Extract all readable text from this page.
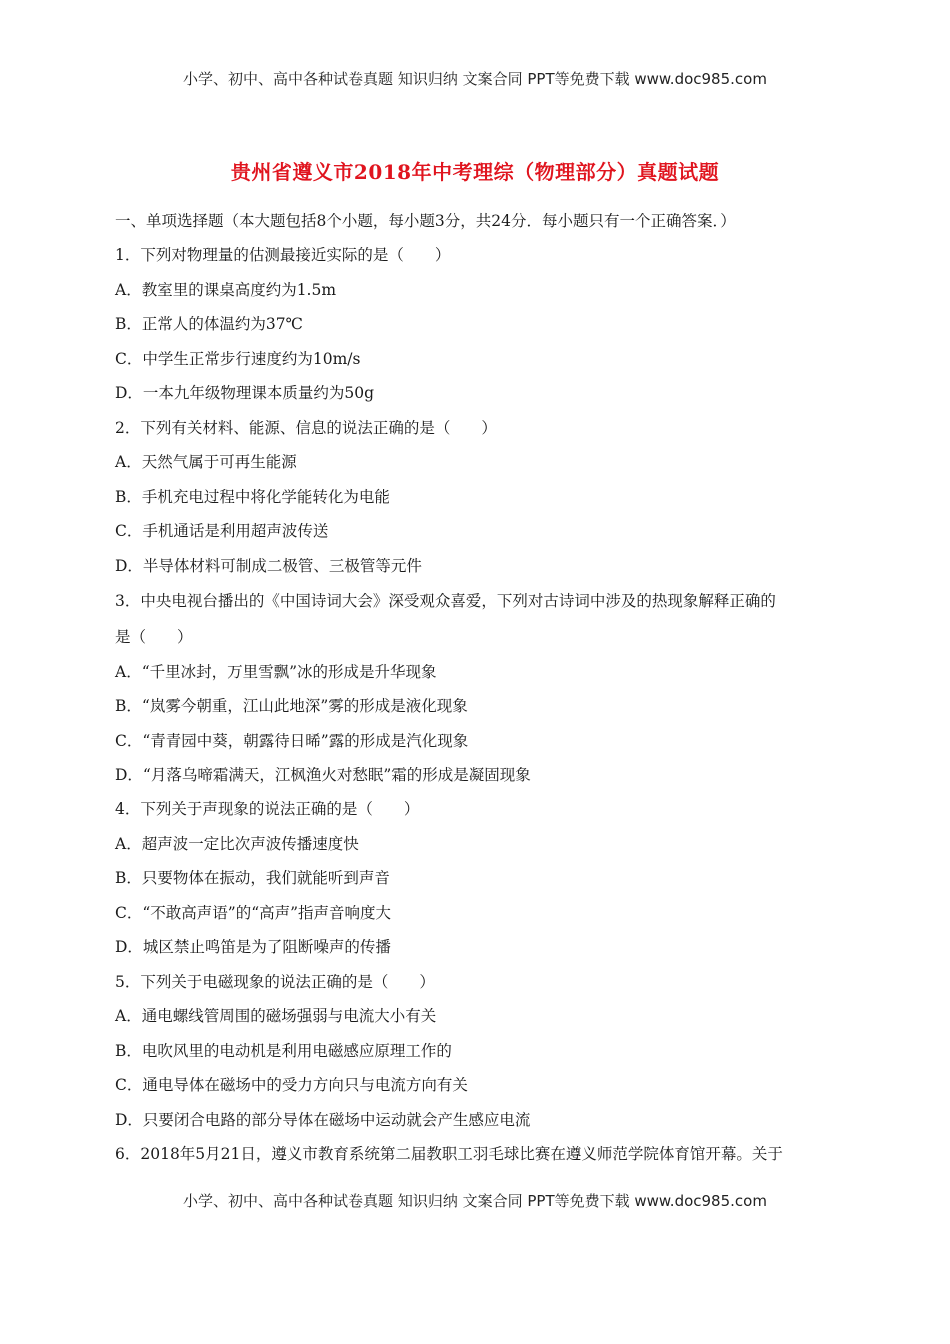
小学、初中、高中各种试卷真题 知识归纳 文案合同 PPT等免费下载 www.doc985.com
贵州省遵义市2018年中考理综（物理部分）真题试题
一、单项选择题（本大题包括8个小题，每小题3分，共24分．每小题只有一个正确答案．）
1．下列对物理量的估测最接近实际的是（　　）
A．教室里的课桌高度约为1.5m
B．正常人的体温约为37℃
C．中学生正常步行速度约为10m/s
D．一本九年级物理课本质量约为50g
2．下列有关材料、能源、信息的说法正确的是（　　）
A．天然气属于可再生能源
B．手机充电过程中将化学能转化为电能
C．手机通话是利用超声波传送
D．半导体材料可制成二极管、三极管等元件
3．中央电视台播出的《中国诗词大会》深受观众喜爱，下列对古诗词中涉及的热现象解释正确的
是（　　）
A．“千里冰封，万里雪飘”冰的形成是升华现象
B．“岚雾今朝重，江山此地深”雾的形成是液化现象
C．“青青园中葵，朝露待日晞”露的形成是汽化现象
D．“月落乌啼霜满天，江枫渔火对愁眠”霜的形成是凝固现象
4．下列关于声现象的说法正确的是（　　）
A．超声波一定比次声波传播速度快
B．只要物体在振动，我们就能听到声音
C．“不敢高声语”的“高声”指声音响度大
D．城区禁止鸣笛是为了阻断噪声的传播
5．下列关于电磁现象的说法正确的是（　　）
A．通电螺线管周围的磁场强弱与电流大小有关
B．电吹风里的电动机是利用电磁感应原理工作的
C．通电导体在磁场中的受力方向只与电流方向有关
D．只要闭合电路的部分导体在磁场中运动就会产生感应电流
6．2018年5月21日，遵义市教育系统第二届教职工羽毛球比赛在遵义师范学院体育馆开幕。关于
小学、初中、高中各种试卷真题 知识归纳 文案合同 PPT等免费下载 www.doc985.com
